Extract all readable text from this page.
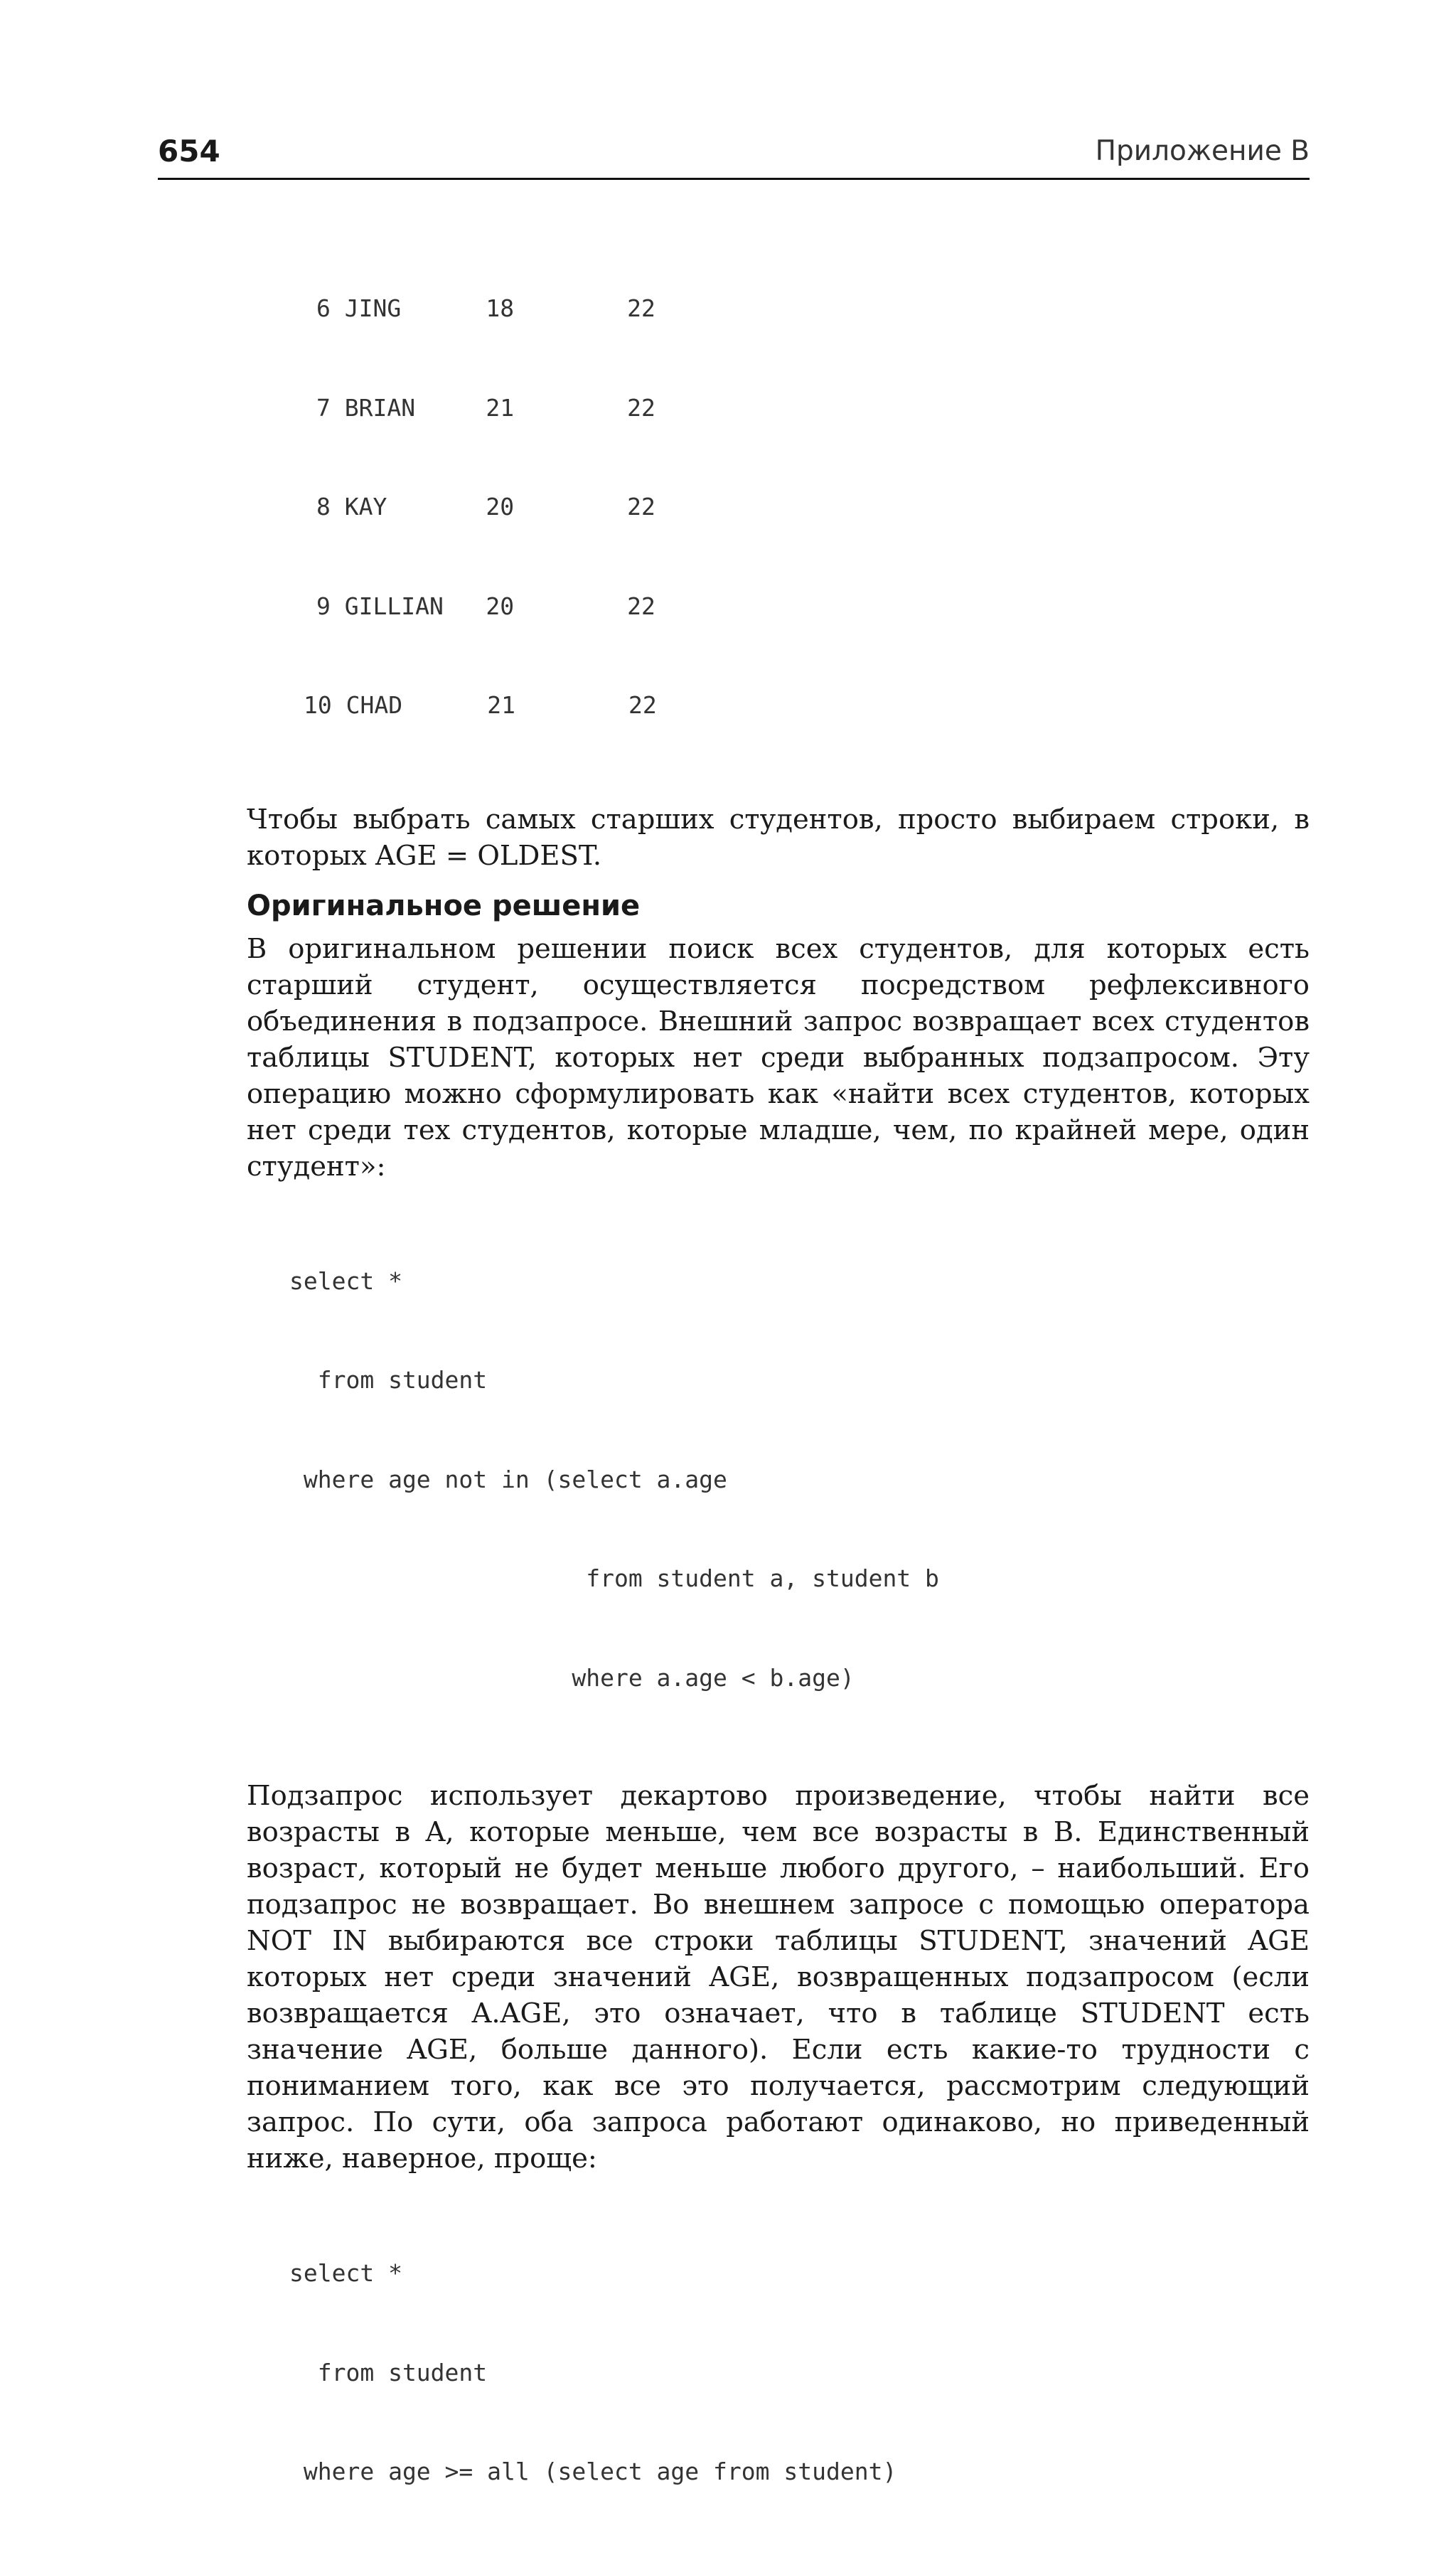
654	Приложение В

6 JING      18        22

7 BRIAN     21        22

8 KAY       20        22

9 GILLIAN   20        22

10 CHAD      21        22

Чтобы выбрать самых старших студентов, просто выбираем строки, в которых AGE = OLDEST.

Оригинальное решение

В оригинальном решении поиск всех студентов, для которых есть старший студент, осуществляется посредством рефлексивного объединения в подзапросе. Внешний запрос возвращает всех студентов таблицы STUDENT, которых нет среди выбранных подзапросом. Эту операцию можно сформулировать как «найти всех студентов, которых нет среди тех студентов, которые младше, чем, по крайней мере, один студент»:

select *

from student

where age not in (select a.age

from student a, student b

where a.age < b.age)

Подзапрос использует декартово произведение, чтобы найти все возрасты в A, которые меньше, чем все возрасты в B. Единственный возраст, который не будет меньше любого другого, – наибольший. Его подзапрос не возвращает. Во внешнем запросе с помощью оператора NOT IN выбираются все строки таблицы STUDENT, значений AGE которых нет среди значений AGE, возвращенных подзапросом (если возвращается A.AGE, это означает, что в таблице STUDENT есть значение AGE, больше данного). Если есть какие-то трудности с пониманием того, как все это получается, рассмотрим следующий запрос. По сути, оба запроса работают одинаково, но приведенный ниже, наверное, проще:

select *

from student

where age >= all (select age from student)
